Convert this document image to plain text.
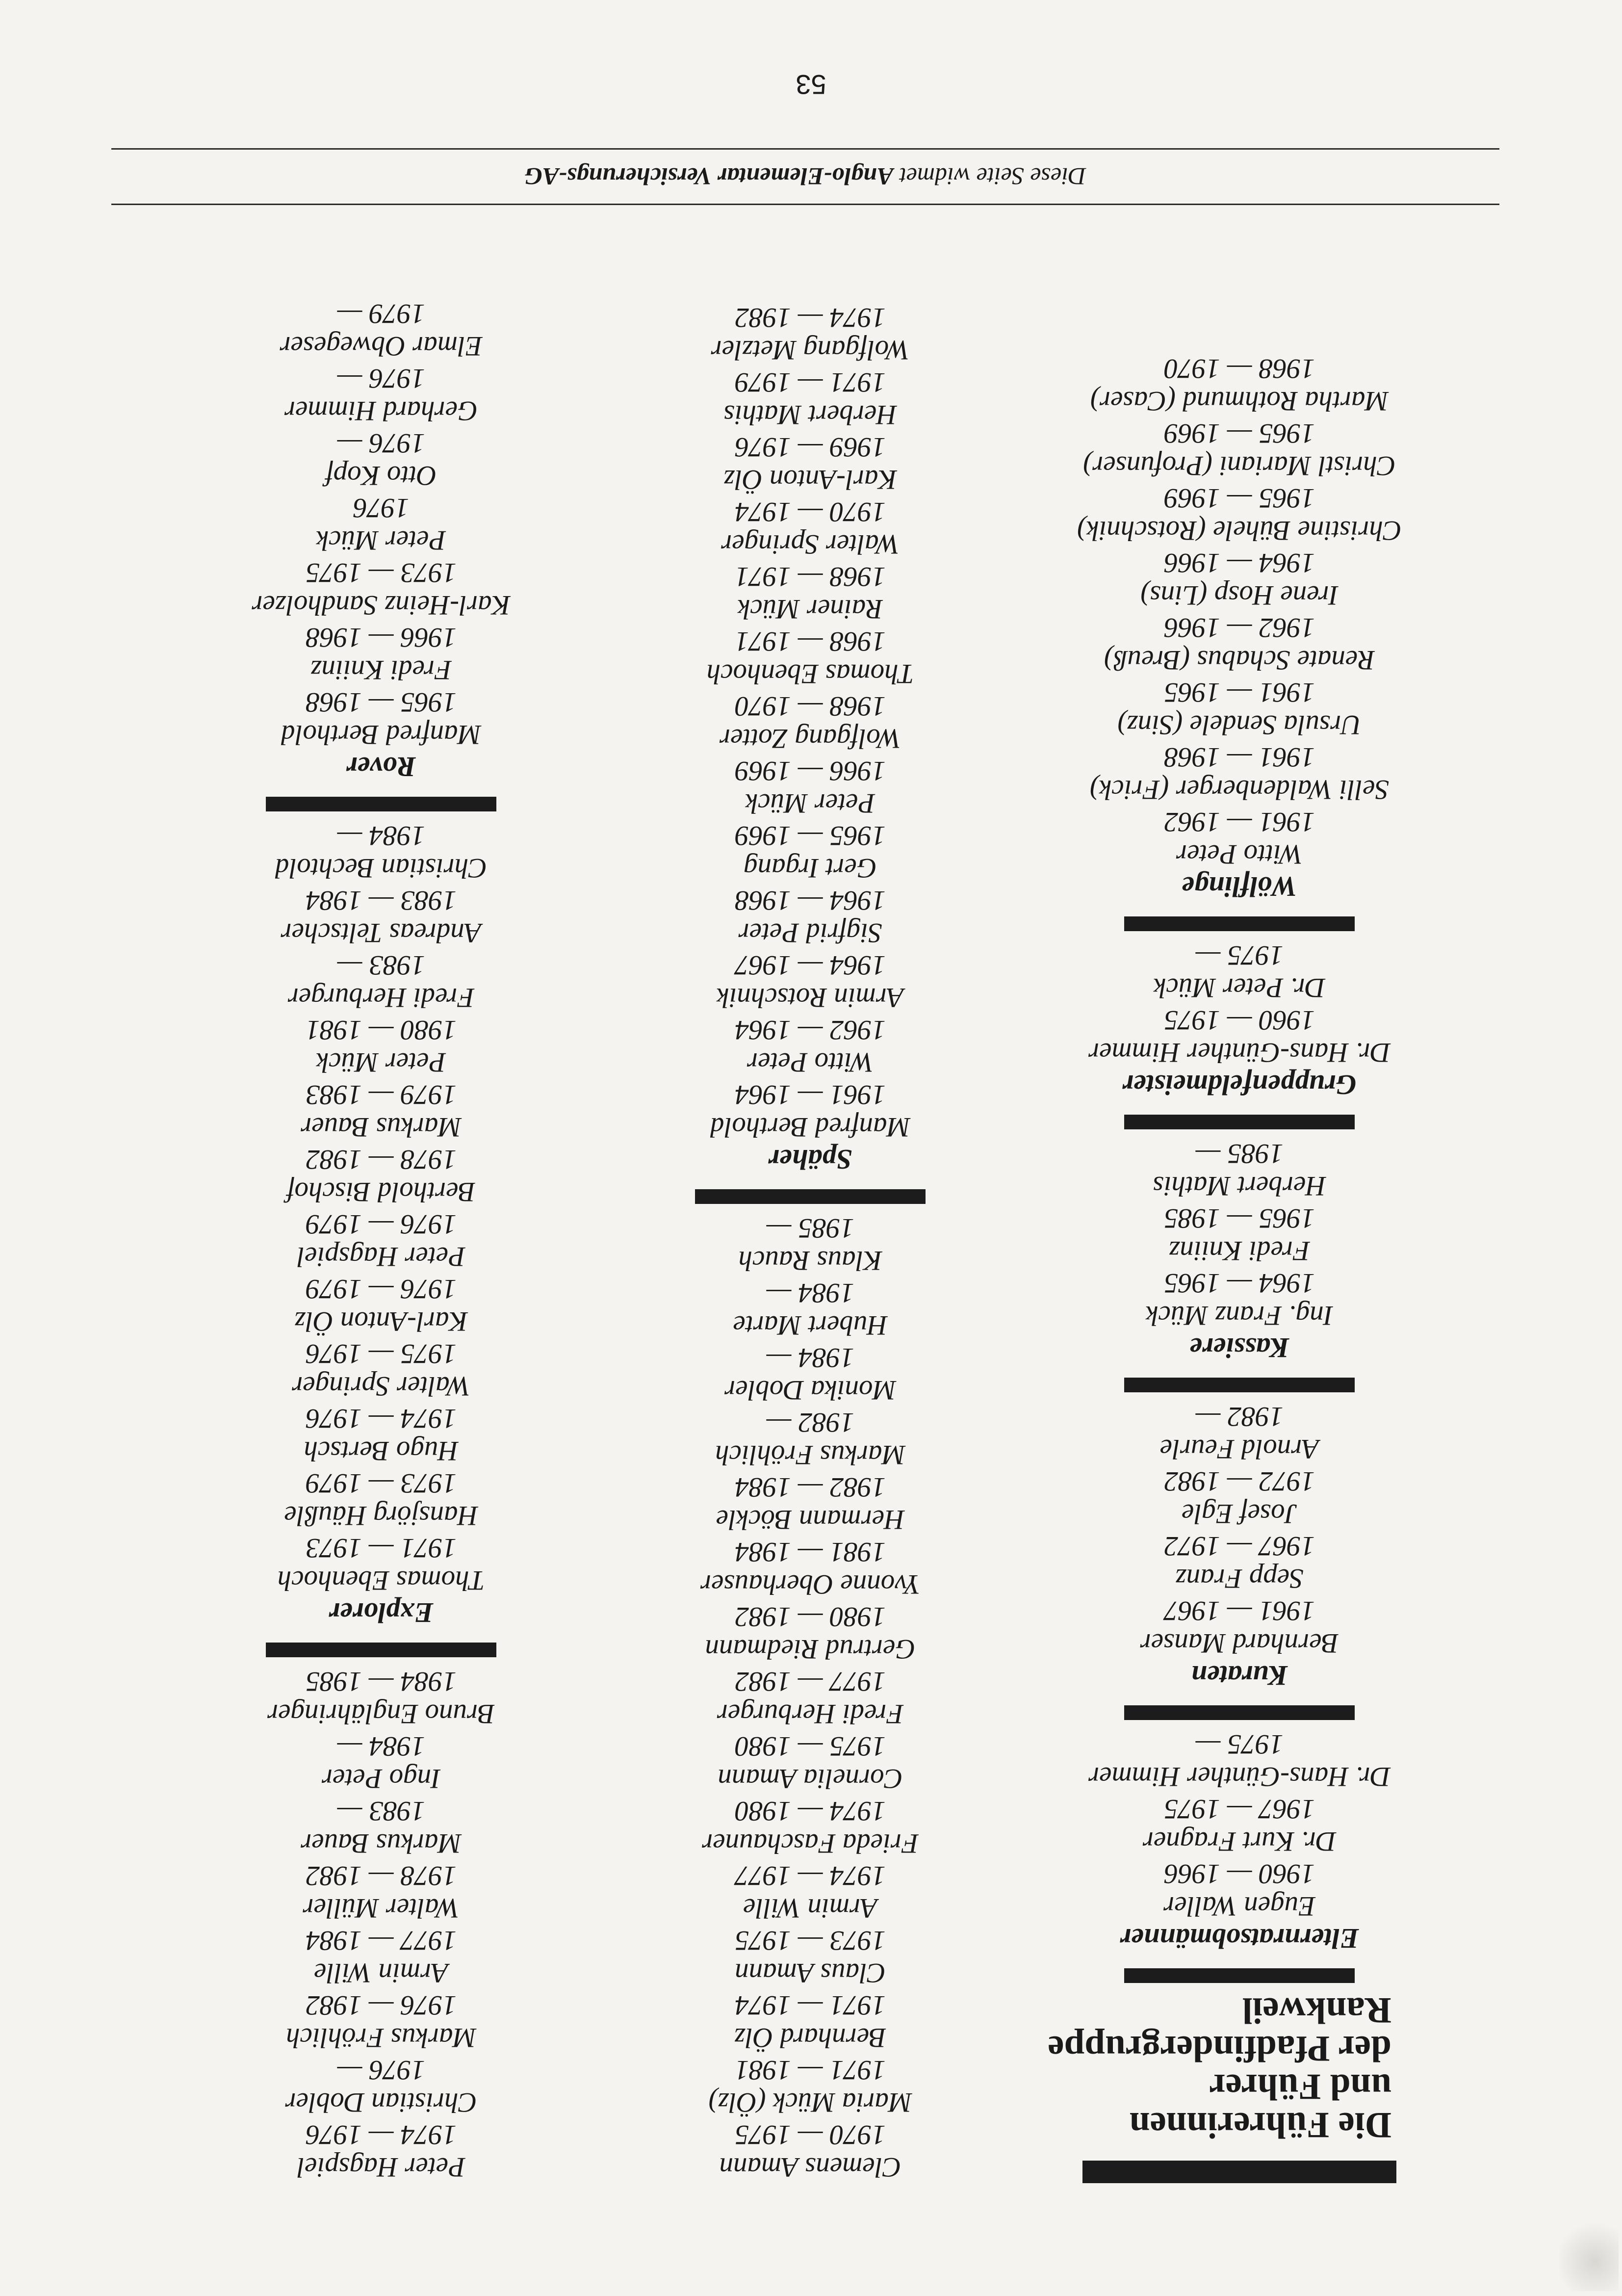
Die Führerinnen
und Führer
der Pfadfindergruppe
Rankweil
Elternratsobmänner
Eugen Waller
1960 — 1966
Dr. Kurt Fragner
1967 — 1975
Dr. Hans-Günther Himmer
1975 —
Kuraten
Bernhard Manser
1961 — 1967
Sepp Franz
1967 — 1972
Josef Egle
1972 — 1982
Arnold Feurle
1982 —
Kassiere
Ing. Franz Mück
1964 — 1965
Fredi Kniinz
1965 — 1985
Herbert Mathis
1985 —
Gruppenfeldmeister
Dr. Hans-Günther Himmer
1960 — 1975
Dr. Peter Mück
1975 —
Wölflinge
Witto Peter
1961 — 1962
Selli Waldenberger (Frick)
1961 — 1968
Ursula Sendele (Sinz)
1961 — 1965
Renate Schabus (Breuß)
1962 — 1966
Irene Hosp (Lins)
1964 — 1966
Christine Bühele (Rotschnik)
1965 — 1969
Christl Mariani (Profunser)
1965 — 1969
Martha Rothmund (Caser)
1968 — 1970
Clemens Amann
1970 — 1975
Maria Mück (Ölz)
1971 — 1981
Bernhard Ölz
1971 — 1974
Claus Amann
1973 — 1975
Armin Wille
1974 — 1977
Frieda Faschauner
1974 — 1980
Cornelia Amann
1975 — 1980
Fredi Herburger
1977 — 1982
Gertrud Riedmann
1980 — 1982
Yvonne Oberhauser
1981 — 1984
Hermann Böckle
1982 — 1984
Markus Fröhlich
1982 —
Monika Dobler
1984 —
Hubert Marte
1984 —
Klaus Rauch
1985 —
Späher
Manfred Berthold
1961 — 1964
Witto Peter
1962 — 1964
Armin Rotschnik
1964 — 1967
Sigfrid Peter
1964 — 1968
Gert Irgang
1965 — 1969
Peter Mück
1966 — 1969
Wolfgang Zotter
1968 — 1970
Thomas Ebenhoch
1968 — 1971
Rainer Mück
1968 — 1971
Walter Springer
1970 — 1974
Karl-Anton Ölz
1969 — 1976
Herbert Mathis
1971 — 1979
Wolfgang Metzler
1974 — 1982
Peter Hagspiel
1974 — 1976
Christian Dobler
1976 —
Markus Fröhlich
1976 — 1982
Armin Wille
1977 — 1984
Walter Müller
1978 — 1982
Markus Bauer
1983 —
Ingo Peter
1984 —
Bruno Englähringer
1984 — 1985
Explorer
Thomas Ebenhoch
1971 — 1973
Hansjörg Häußle
1973 — 1979
Hugo Bertsch
1974 — 1976
Walter Springer
1975 — 1976
Karl-Anton Ölz
1976 — 1979
Peter Hagspiel
1976 — 1979
Berthold Bischof
1978 — 1982
Markus Bauer
1979 — 1983
Peter Mück
1980 — 1981
Fredi Herburger
1983 —
Andreas Teltscher
1983 — 1984
Christian Bechtold
1984 —
Rover
Manfred Berthold
1965 — 1968
Fredi Kniinz
1966 — 1968
Karl-Heinz Sandholzer
1973 — 1975
Peter Mück
1976
Otto Kopf
1976 —
Gerhard Himmer
1976 —
Elmar Obwegeser
1979 —
Diese Seite widmet Anglo-Elementar Versicherungs-AG
53
